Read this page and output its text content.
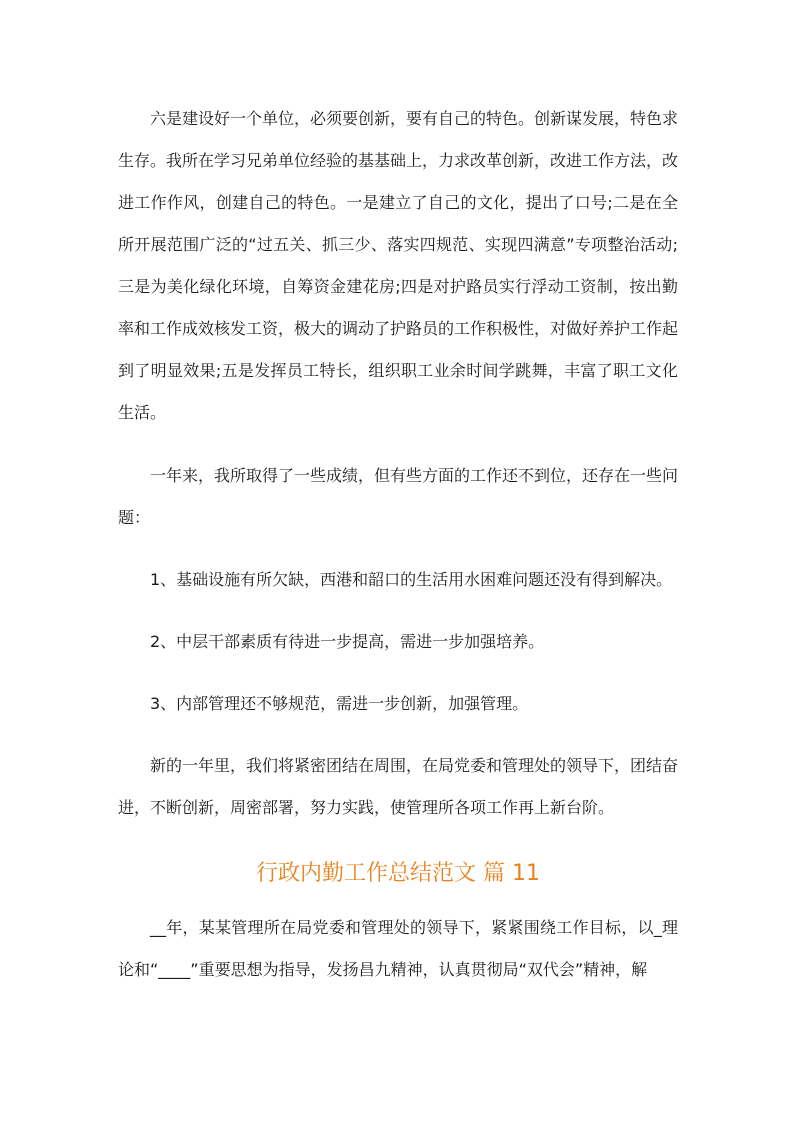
六是建设好一个单位，必须要创新，要有自己的特色。创新谋发展，特色求生存。我所在学习兄弟单位经验的基基础上，力求改革创新，改进工作方法，改进工作作风，创建自己的特色。一是建立了自己的文化，提出了口号;二是在全所开展范围广泛的“过五关、抓三少、落实四规范、实现四满意”专项整治活动;三是为美化绿化环境，自筹资金建花房;四是对护路员实行浮动工资制，按出勤率和工作成效核发工资，极大的调动了护路员的工作积极性，对做好养护工作起到了明显效果;五是发挥员工特长，组织职工业余时间学跳舞，丰富了职工文化生活。

一年来，我所取得了一些成绩，但有些方面的工作还不到位，还存在一些问题：

1、基础设施有所欠缺，西港和韶口的生活用水困难问题还没有得到解决。

2、中层干部素质有待进一步提高，需进一步加强培养。

3、内部管理还不够规范，需进一步创新，加强管理。

新的一年里，我们将紧密团结在周围，在局党委和管理处的领导下，团结奋进，不断创新，周密部署，努力实践，使管理所各项工作再上新台阶。

行政内勤工作总结范文 篇 11

__年，某某管理所在局党委和管理处的领导下，紧紧围绕工作目标，以_理论和“____”重要思想为指导，发扬昌九精神，认真贯彻局“双代会”精神，解
